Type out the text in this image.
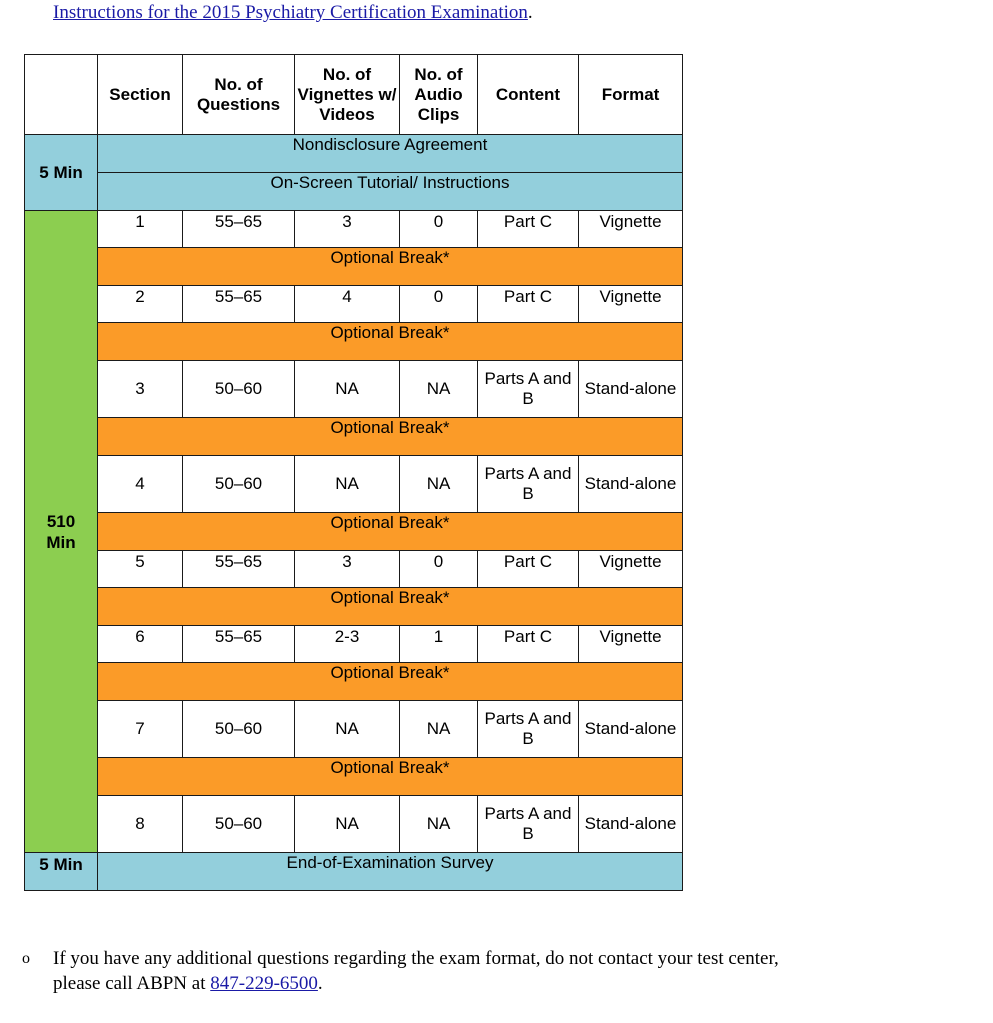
Instructions for the 2015 Psychiatry Certification Examination.
	Section	No. of Questions	No. of Vignettes w/ Videos	No. of Audio Clips	Content	Format
5 Min	Nondisclosure Agreement					
	On-Screen Tutorial/ Instructions					
510 Min	1	55–65	3	0	Part C	Vignette
	Optional Break*					
	2	55–65	4	0	Part C	Vignette
	Optional Break*					
	3	50–60	NA	NA	Parts A and B	Stand-alone
	Optional Break*					
	4	50–60	NA	NA	Parts A and B	Stand-alone
	Optional Break*					
	5	55–65	3	0	Part C	Vignette
	Optional Break*					
	6	55–65	2-3	1	Part C	Vignette
	Optional Break*					
	7	50–60	NA	NA	Parts A and B	Stand-alone
	Optional Break*					
	8	50–60	NA	NA	Parts A and B	Stand-alone
5 Min	End-of-Examination Survey					
o If you have any additional questions regarding the exam format, do not contact your test center, please call ABPN at 847-229-6500.
